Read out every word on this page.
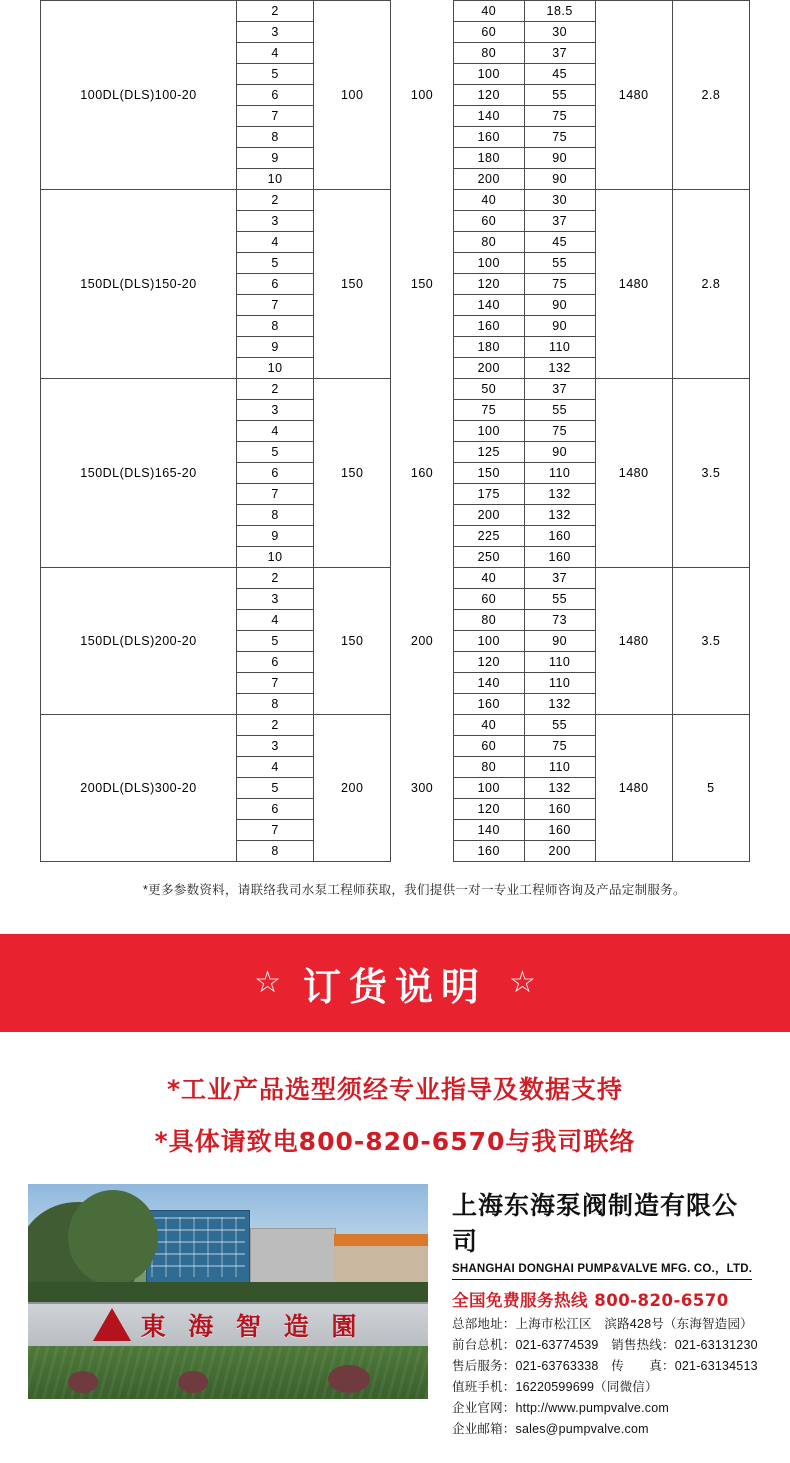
100DL(DLS)100-20	2	100	100	40	18.5	1480	2.8
	3			60	30		
	4			80	37		
	5			100	45		
	6			120	55		
	7			140	75		
	8			160	75		
	9			180	90		
	10			200	90		
150DL(DLS)150-20	2	150	150	40	30	1480	2.8
	3			60	37		
	4			80	45		
	5			100	55		
	6			120	75		
	7			140	90		
	8			160	90		
	9			180	110		
	10			200	132		
150DL(DLS)165-20	2	150	160	50	37	1480	3.5
	3			75	55		
	4			100	75		
	5			125	90		
	6			150	110		
	7			175	132		
	8			200	132		
	9			225	160		
	10			250	160		
150DL(DLS)200-20	2	150	200	40	37	1480	3.5
	3			60	55		
	4			80	73		
	5			100	90		
	6			120	110		
	7			140	110		
	8			160	132		
200DL(DLS)300-20	2	200	300	40	55	1480	5
	3			60	75		
	4			80	110		
	5			100	132		
	6			120	160		
	7			140	160		
	8			160	200		
*更多参数资料，请联络我司水泵工程师获取，我们提供一对一专业工程师咨询及产品定制服务。
☆ 订货说明 ☆
*工业产品选型须经专业指导及数据支持
*具体请致电800-820-6570与我司联络
東 海 智 造 園
上海东海泵阀制造有限公司
SHANGHAI DONGHAI PUMP&VALVE MFG. CO.，LTD.
全国免费服务热线 800-820-6570
总部地址：上海市松江区　滨路428号（东海智造园）
前台总机：021-63774539　销售热线：021-63131230
售后服务：021-63763338　传　　真：021-63134513
值班手机：16220599699（同微信）
企业官网：http://www.pumpvalve.com
企业邮箱：sales@pumpvalve.com
